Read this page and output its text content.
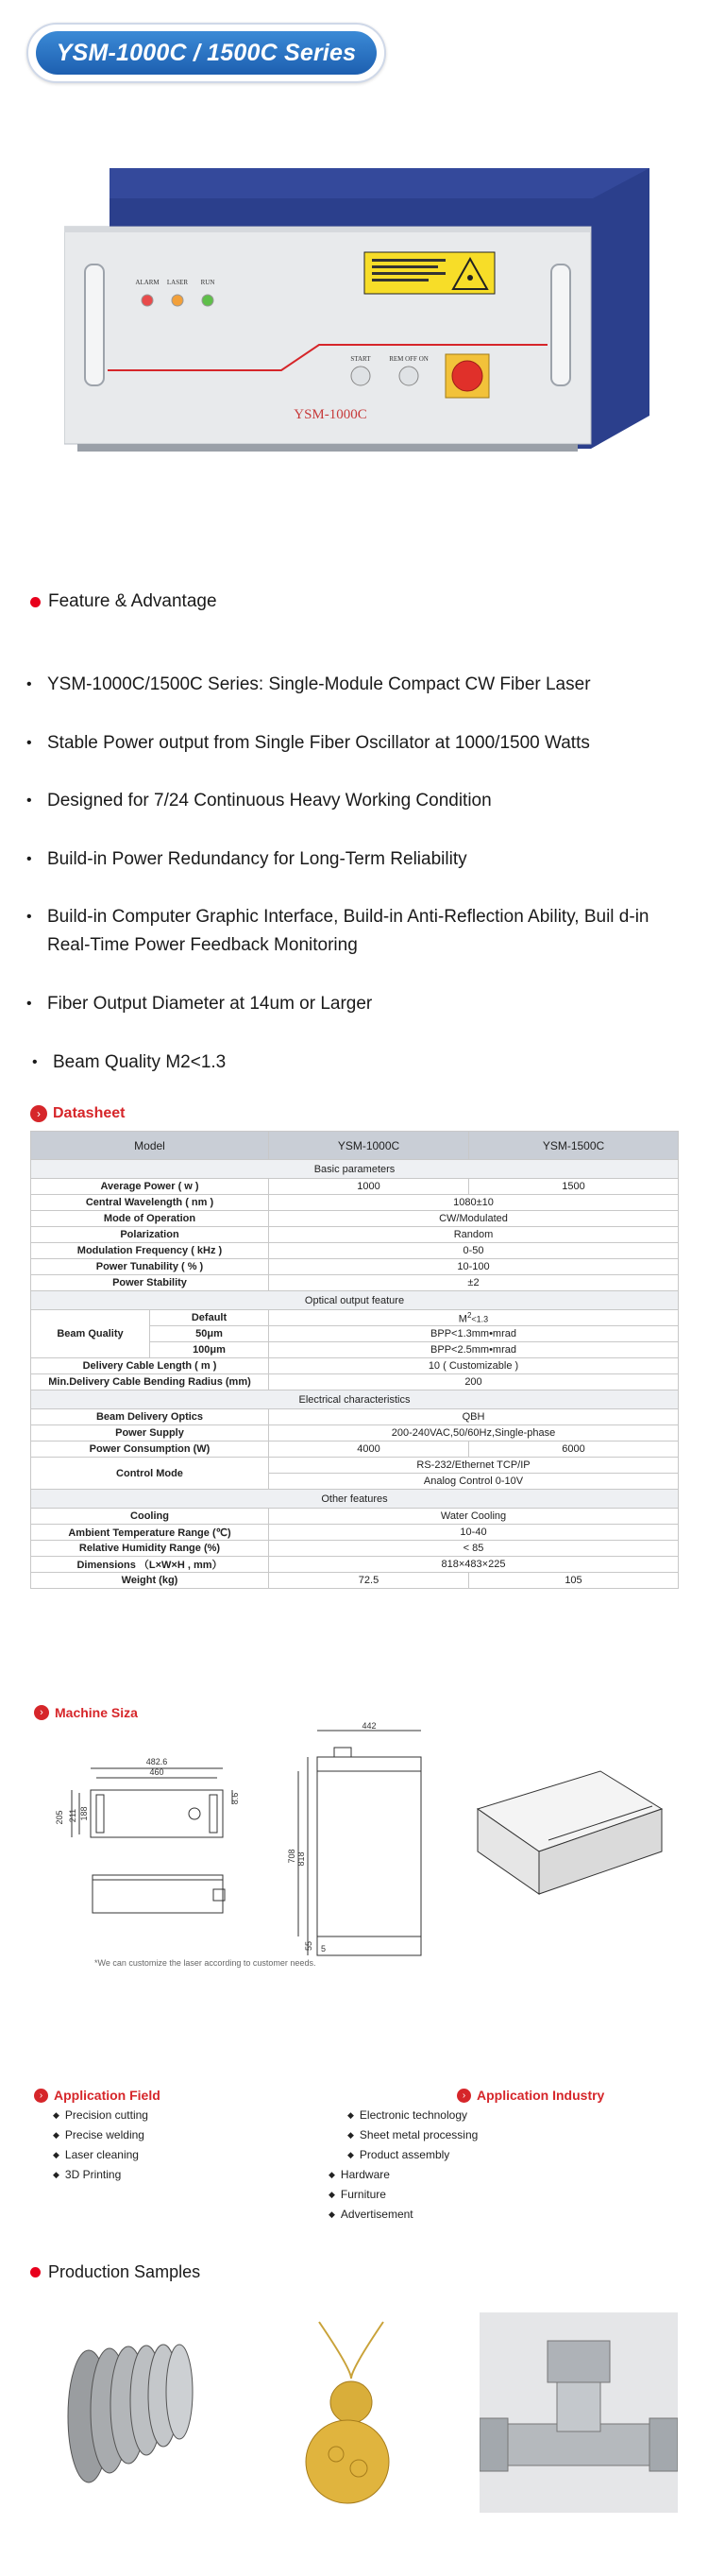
YSM-1000C / 1500C Series
ALARM LASER RUN
START	REM OFF ON
YSM-1000C
Feature & Advantage
• YSM-1000C/1500C Series: Single-Module Compact CW Fiber Laser
• Stable Power output from Single Fiber Oscillator at 1000/1500 Watts
• Designed for 7/24 Continuous Heavy Working Condition
• Build-in Power Redundancy for Long-Term Reliability
• Build-in Computer Graphic Interface, Build-in Anti-Reflection Ability, Buil d-in Real-Time Power Feedback Monitoring
• Fiber Output Diameter at 14um or Larger
• Beam Quality M2<1.3
› Datasheet
Model		YSM-1000C	YSM-1500C
Basic parameters			
Average Power ( w )		1000	1500
Central Wavelength ( nm )		1080±10	
Mode of Operation		CW/Modulated	
Polarization		Random	
Modulation Frequency ( kHz )		0-50	
Power Tunability ( % )		10-100	
Power Stability		±2	
Optical output feature			
Beam Quality	Default	$M^2<1.3$	
	50μm	BPP<1.3mm•mrad	
	100μm	BPP<2.5mm•mrad	
Delivery Cable Length ( m )		10 ( Customizable )	
Min.Delivery Cable Bending Radius (mm)		200	
Electrical characteristics			
Beam Delivery Optics		QBH	
Power Supply		200-240VAC,50/60Hz,Single-phase	
Power Consumption (W)		4000	6000
Control Mode		RS-232/Ethernet TCP/IP	
		Analog Control 0-10V	
Other features			
Cooling		Water Cooling	
Ambient Temperature Range (℃)		10-40	
Relative Humidity Range (%)		< 85	
Dimensions （L×W×H , mm）		818×483×225	
Weight (kg)		72.5	105
› Machine Siza
482.6
460
205 211 188
8.6
818
708
442
55 5
*We can customize the laser according to customer needs.
› Application Field
◆ Precision cutting
◆ Precise welding
◆ Laser cleaning
◆ 3D Printing
› Application Industry
◆ Electronic technology
◆ Sheet metal processing
◆ Product assembly
◆ Hardware
◆ Furniture
◆ Advertisement
Production Samples
